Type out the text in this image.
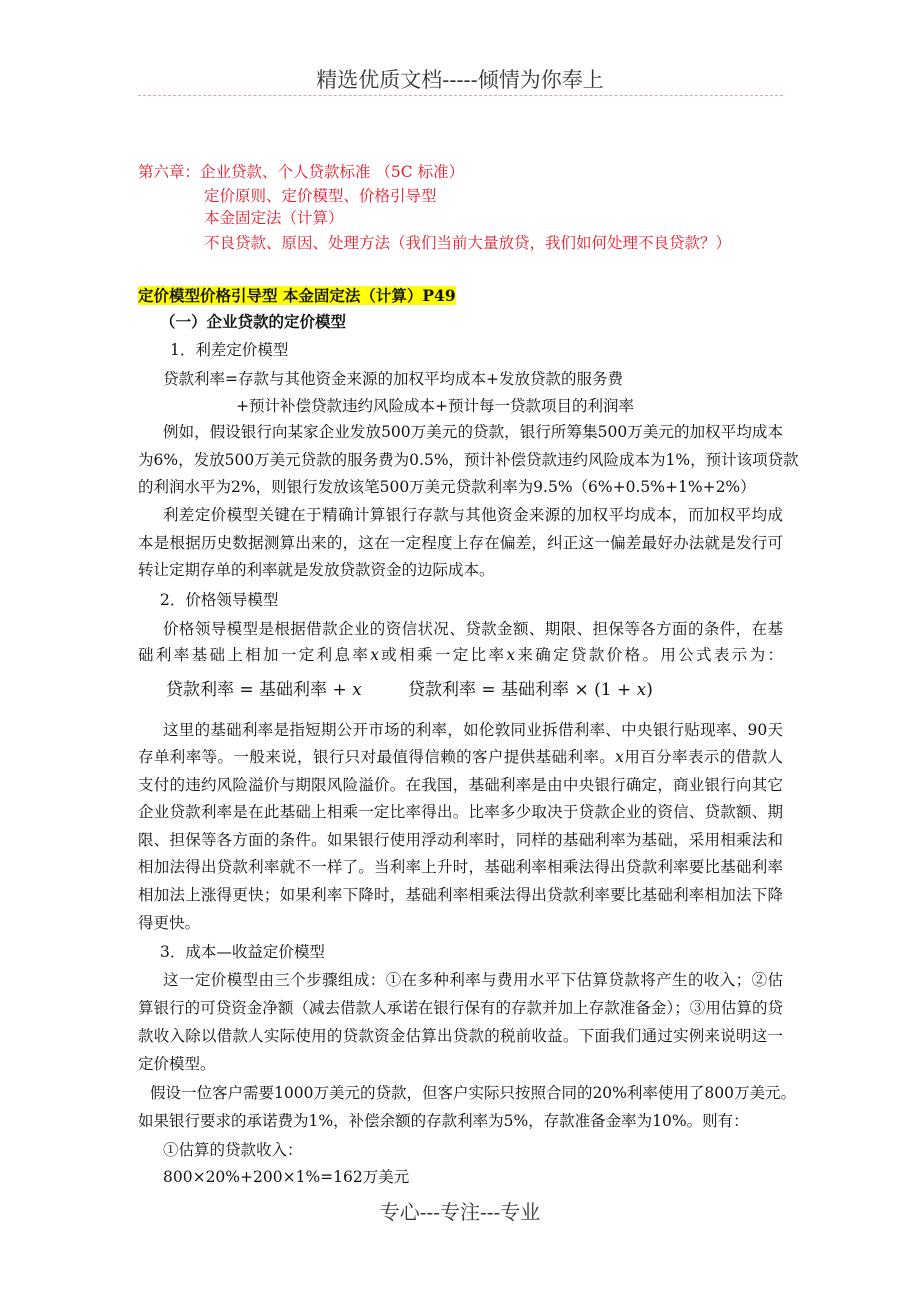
精选优质文档-----倾情为你奉上
第六章：企业贷款、个人贷款标准 （5C 标准）
定价原则、定价模型、价格引导型
本金固定法（计算）
不良贷款、原因、处理方法（我们当前大量放贷，我们如何处理不良贷款？）
定价模型价格引导型 本金固定法（计算）P49
（一）企业贷款的定价模型
1．利差定价模型
贷款利率=存款与其他资金来源的加权平均成本+发放贷款的服务费
+预计补偿贷款违约风险成本+预计每一贷款项目的利润率
例如，假设银行向某家企业发放500万美元的贷款，银行所筹集500万美元的加权平均成本
为6%，发放500万美元贷款的服务费为0.5%，预计补偿贷款违约风险成本为1%，预计该项贷款
的利润水平为2%，则银行发放该笔500万美元贷款利率为9.5%（6%+0.5%+1%+2%）
利差定价模型关键在于精确计算银行存款与其他资金来源的加权平均成本，而加权平均成
本是根据历史数据测算出来的，这在一定程度上存在偏差，纠正这一偏差最好办法就是发行可
转让定期存单的利率就是发放贷款资金的边际成本。
2．价格领导模型
价格领导模型是根据借款企业的资信状况、贷款金额、期限、担保等各方面的条件，在基
础利率基础上相加一定利息率x或相乘一定比率x来确定贷款价格。用公式表示为：
贷款利率 = 基础利率 + x	贷款利率 = 基础利率 × (1 + x)
这里的基础利率是指短期公开市场的利率，如伦敦同业拆借利率、中央银行贴现率、90天
存单利率等。一般来说，银行只对最值得信赖的客户提供基础利率。x用百分率表示的借款人
支付的违约风险溢价与期限风险溢价。在我国，基础利率是由中央银行确定，商业银行向其它
企业贷款利率是在此基础上相乘一定比率得出。比率多少取决于贷款企业的资信、贷款额、期
限、担保等各方面的条件。如果银行使用浮动利率时，同样的基础利率为基础，采用相乘法和
相加法得出贷款利率就不一样了。当利率上升时，基础利率相乘法得出贷款利率要比基础利率
相加法上涨得更快；如果利率下降时，基础利率相乘法得出贷款利率要比基础利率相加法下降
得更快。
3．成本—收益定价模型
这一定价模型由三个步骤组成：①在多种利率与费用水平下估算贷款将产生的收入；②估
算银行的可贷资金净额（减去借款人承诺在银行保有的存款并加上存款准备金）；③用估算的贷
款收入除以借款人实际使用的贷款资金估算出贷款的税前收益。下面我们通过实例来说明这一
定价模型。
假设一位客户需要1000万美元的贷款，但客户实际只按照合同的20%利率使用了800万美元。
如果银行要求的承诺费为1%，补偿余额的存款利率为5%，存款准备金率为10%。则有：
①估算的贷款收入：
800×20%+200×1%=162万美元
专心---专注---专业
